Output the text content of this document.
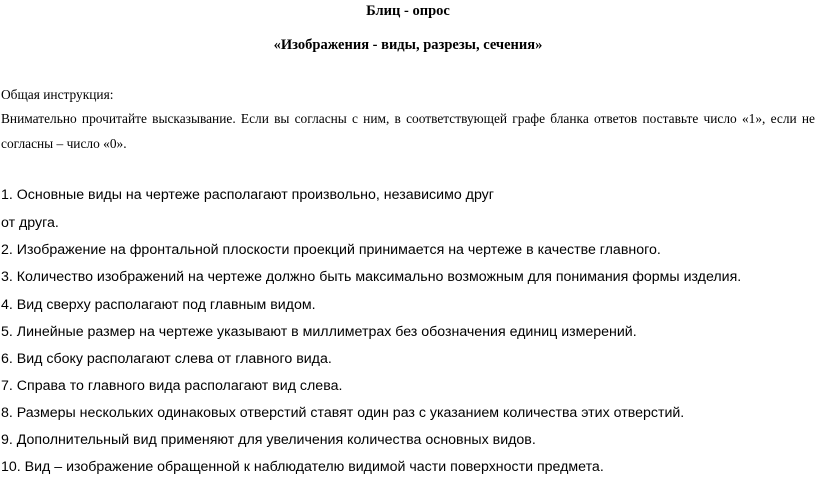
Блиц - опрос
«Изображения - виды, разрезы, сечения»
Общая инструкция:
Внимательно прочитайте высказывание. Если вы согласны с ним, в соответствующей графе бланка ответов поставьте число «1», если не
согласны – число «0».
1. Основные виды на чертеже располагают произвольно, независимо друг
от друга.
2. Изображение на фронтальной плоскости проекций принимается на чертеже в качестве главного.
3. Количество изображений на чертеже должно быть максимально возможным для понимания формы изделия.
4. Вид сверху располагают под главным видом.
5. Линейные размер на чертеже указывают в миллиметрах без обозначения единиц измерений.
6. Вид сбоку располагают слева от главного вида.
7. Справа то главного вида располагают вид слева.
8. Размеры нескольких одинаковых отверстий ставят один раз с указанием количества этих отверстий.
9. Дополнительный вид применяют для увеличения количества основных видов.
10. Вид – изображение обращенной к наблюдателю видимой части поверхности предмета.
